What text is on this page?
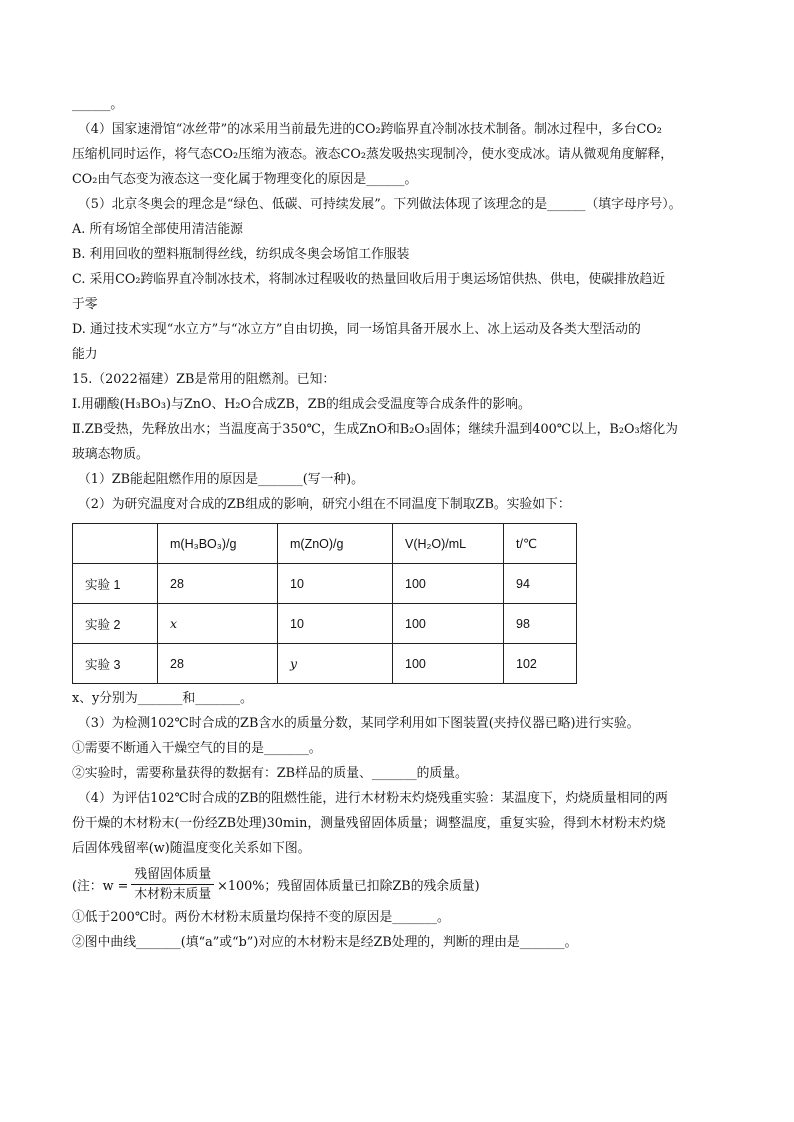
______。
（4）国家速滑馆“冰丝带”的冰采用当前最先进的CO₂跨临界直冷制冰技术制备。制冰过程中，多台CO₂
压缩机同时运作，将气态CO₂压缩为液态。液态CO₂蒸发吸热实现制冷，使水变成冰。请从微观角度解释，
CO₂由气态变为液态这一变化属于物理变化的原因是______。
（5）北京冬奥会的理念是“绿色、低碳、可持续发展”。下列做法体现了该理念的是______（填字母序号）。
A. 所有场馆全部使用清洁能源
B. 利用回收的塑料瓶制得丝线，纺织成冬奥会场馆工作服装
C. 采用CO₂跨临界直冷制冰技术，将制冰过程吸收的热量回收后用于奥运场馆供热、供电，使碳排放趋近
于零
D. 通过技术实现“水立方”与“冰立方”自由切换，同一场馆具备开展水上、冰上运动及各类大型活动的
能力
15.（2022福建）ZB是常用的阻燃剂。已知：
I.用硼酸(H₃BO₃)与ZnO、H₂O合成ZB，ZB的组成会受温度等合成条件的影响。
Ⅱ.ZB受热，先释放出水；当温度高于350℃，生成ZnO和B₂O₃固体；继续升温到400℃以上，B₂O₃熔化为
玻璃态物质。
（1）ZB能起阻燃作用的原因是_______(写一种)。
（2）为研究温度对合成的ZB组成的影响，研究小组在不同温度下制取ZB。实验如下：
	m(H₃BO₃)/g	m(ZnO)/g	V(H₂O)/mL	t/℃
实验 1	28	10	100	94
实验 2	x	10	100	98
实验 3	28	y	100	102
x、y分别为_______和_______。
（3）为检测102℃时合成的ZB含水的质量分数，某同学利用如下图装置(夹持仪器已略)进行实验。
①需要不断通入干燥空气的目的是_______。
②实验时，需要称量获得的数据有：ZB样品的质量、_______的质量。
（4）为评估102℃时合成的ZB的阻燃性能，进行木材粉末灼烧残重实验：某温度下，灼烧质量相同的两
份干燥的木材粉末(一份经ZB处理)30min，测量残留固体质量；调整温度，重复实验，得到木材粉末灼烧
后固体残留率(w)随温度变化关系如下图。
(注：$w = \frac{\text{残留固体质量}}{\text{木材粉末质量}} \times 100\%$；残留固体质量已扣除ZB的残余质量)
①低于200℃时。两份木材粉末质量均保持不变的原因是_______。
②图中曲线_______(填“a”或“b”)对应的木材粉末是经ZB处理的，判断的理由是_______。
